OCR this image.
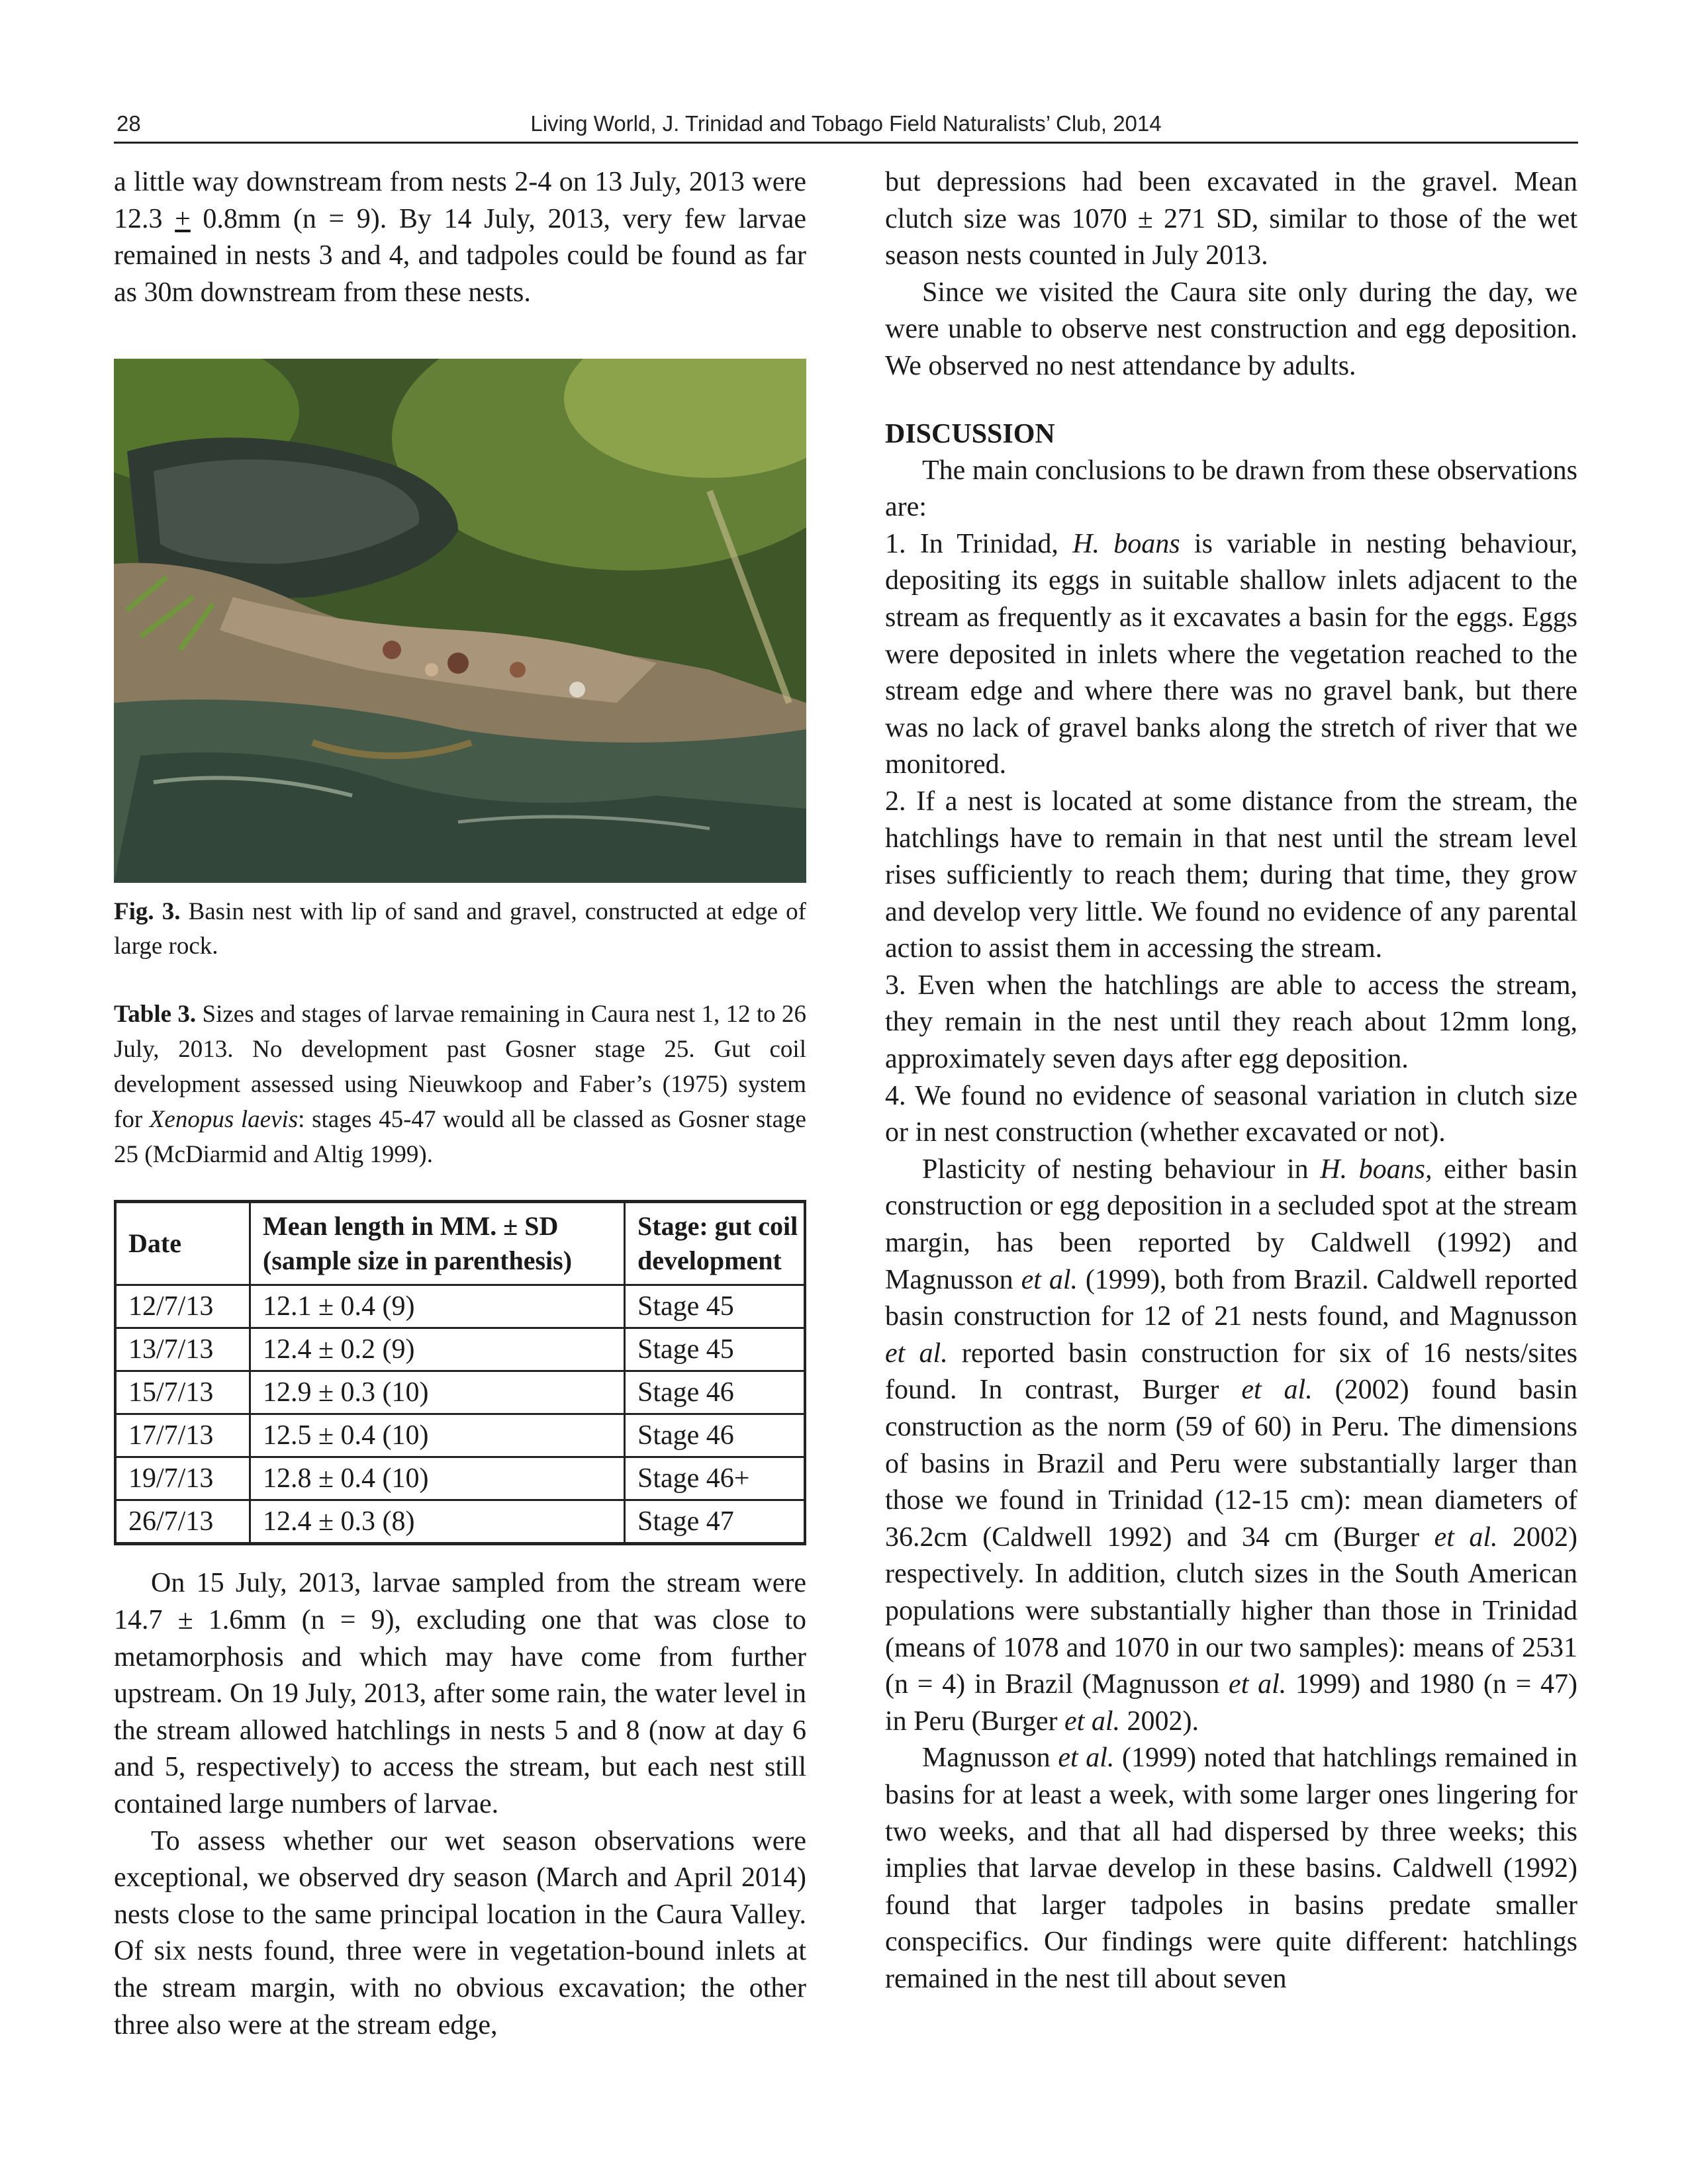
28	Living World, J. Trinidad and Tobago Field Naturalists’ Club, 2014

a little way downstream from nests 2-4 on 13 July, 2013 were 12.3 + 0.8mm (n = 9). By 14 July, 2013, very few larvae remained in nests 3 and 4, and tadpoles could be found as far as 30m downstream from these nests.

Fig. 3. Basin nest with lip of sand and gravel, constructed at edge of large rock.

Table 3. Sizes and stages of larvae remaining in Caura nest 1, 12 to 26 July, 2013. No development past Gosner stage 25. Gut coil development assessed using Nieuwkoop and Faber’s (1975) system for Xenopus laevis: stages 45-47 would all be classed as Gosner stage 25 (McDiarmid and Altig 1999).

Date	Mean length in MM. ± SD (sample size in parenthesis)	Stage: gut coil development
12/7/13	12.1 ± 0.4 (9)	Stage 45
13/7/13	12.4 ± 0.2 (9)	Stage 45
15/7/13	12.9 ± 0.3 (10)	Stage 46
17/7/13	12.5 ± 0.4 (10)	Stage 46
19/7/13	12.8 ± 0.4 (10)	Stage 46+
26/7/13	12.4 ± 0.3 (8)	Stage 47

On 15 July, 2013, larvae sampled from the stream were 14.7 ± 1.6mm (n = 9), excluding one that was close to metamorphosis and which may have come from further upstream. On 19 July, 2013, after some rain, the water level in the stream allowed hatchlings in nests 5 and 8 (now at day 6 and 5, respectively) to access the stream, but each nest still contained large numbers of larvae.

To assess whether our wet season observations were exceptional, we observed dry season (March and April 2014) nests close to the same principal location in the Caura Valley. Of six nests found, three were in vegetation-bound inlets at the stream margin, with no obvious excavation; the other three also were at the stream edge,

but depressions had been excavated in the gravel. Mean clutch size was 1070 ± 271 SD, similar to those of the wet season nests counted in July 2013.

Since we visited the Caura site only during the day, we were unable to observe nest construction and egg deposition. We observed no nest attendance by adults.

DISCUSSION

The main conclusions to be drawn from these observations are:

1. In Trinidad, H. boans is variable in nesting behaviour, depositing its eggs in suitable shallow inlets adjacent to the stream as frequently as it excavates a basin for the eggs. Eggs were deposited in inlets where the vegetation reached to the stream edge and where there was no gravel bank, but there was no lack of gravel banks along the stretch of river that we monitored.

2. If a nest is located at some distance from the stream, the hatchlings have to remain in that nest until the stream level rises sufficiently to reach them; during that time, they grow and develop very little. We found no evidence of any parental action to assist them in accessing the stream.

3. Even when the hatchlings are able to access the stream, they remain in the nest until they reach about 12mm long, approximately seven days after egg deposition.

4. We found no evidence of seasonal variation in clutch size or in nest construction (whether excavated or not).

Plasticity of nesting behaviour in H. boans, either basin construction or egg deposition in a secluded spot at the stream margin, has been reported by Caldwell (1992) and Magnusson et al. (1999), both from Brazil. Caldwell reported basin construction for 12 of 21 nests found, and Magnusson et al. reported basin construction for six of 16 nests/sites found. In contrast, Burger et al. (2002) found basin construction as the norm (59 of 60) in Peru. The dimensions of basins in Brazil and Peru were substantially larger than those we found in Trinidad (12-15 cm): mean diameters of 36.2cm (Caldwell 1992) and 34 cm (Burger et al. 2002) respectively. In addition, clutch sizes in the South American populations were substantially higher than those in Trinidad (means of 1078 and 1070 in our two samples): means of 2531 (n = 4) in Brazil (Magnusson et al. 1999) and 1980 (n = 47) in Peru (Burger et al. 2002).

Magnusson et al. (1999) noted that hatchlings remained in basins for at least a week, with some larger ones lingering for two weeks, and that all had dispersed by three weeks; this implies that larvae develop in these basins. Caldwell (1992) found that larger tadpoles in basins predate smaller conspecifics. Our findings were quite different: hatchlings remained in the nest till about seven
